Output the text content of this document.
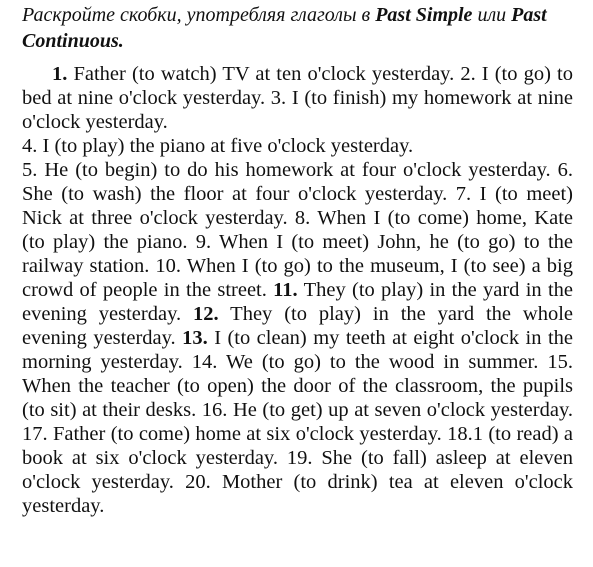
Раскройте скобки, употребляя глаголы в Past Simple или Past Continuous.

1. Father (to watch) TV at ten o'clock yesterday. 2. I (to go) to bed at nine o'clock yesterday. 3. I (to finish) my homework at nine o'clock yesterday.

4. I (to play) the piano at five o'clock yesterday.

5. He (to begin) to do his homework at four o'clock yesterday. 6. She (to wash) the floor at four o'clock yesterday. 7. I (to meet) Nick at three o'clock yesterday. 8. When I (to come) home, Kate (to play) the piano. 9. When I (to meet) John, he (to go) to the railway station. 10. When I (to go) to the museum, I (to see) a big crowd of people in the street. 11. They (to play) in the yard in the evening yesterday. 12. They (to play) in the yard the whole evening yesterday. 13. I (to clean) my teeth at eight o'clock in the morning yesterday. 14. We (to go) to the wood in summer. 15. When the teacher (to open) the door of the classroom, the pupils (to sit) at their desks. 16. He (to get) up at seven o'clock yesterday. 17. Father (to come) home at six o'clock yesterday. 18.1 (to read) a book at six o'clock yesterday. 19. She (to fall) asleep at eleven o'clock yesterday. 20. Mother (to drink) tea at eleven o'clock yesterday.
